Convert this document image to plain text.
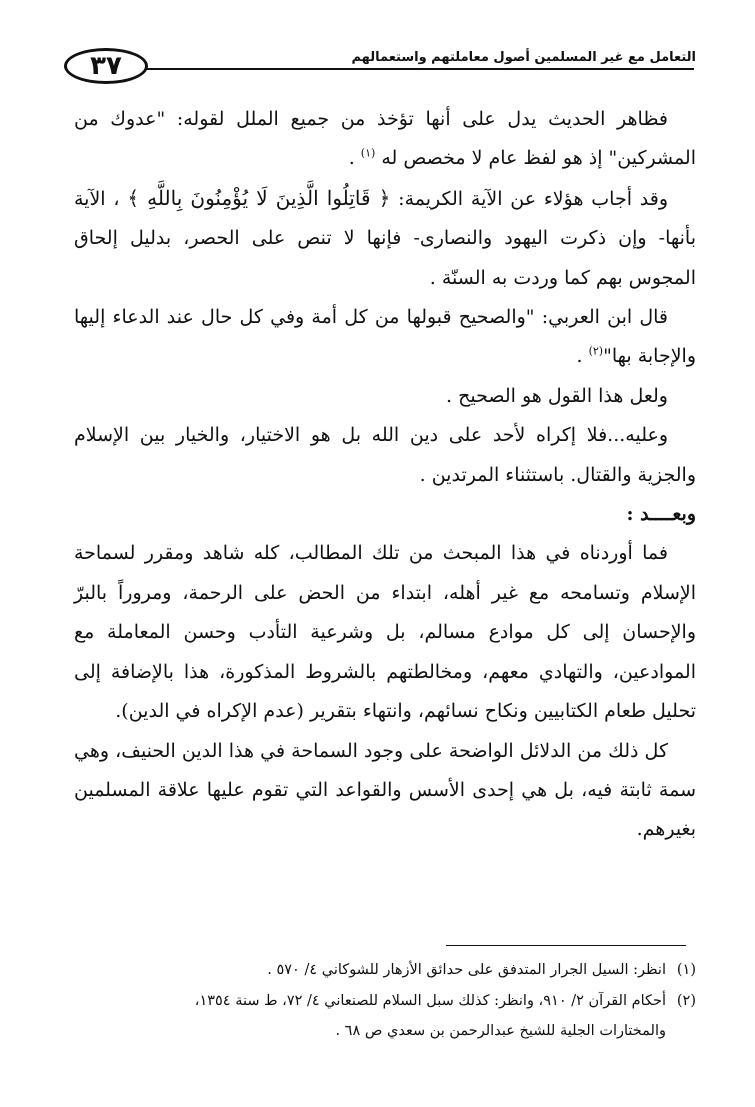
٣٧	التعامل مع غير المسلمين أصول معاملتهم واستعمالهم

فظاهر الحديث يدل على أنها تؤخذ من جميع الملل لقوله: "عدوك من المشركين" إذ هو لفظ عام لا مخصص له $^{(١)}$ .

وقد أجاب هؤلاء عن الآية الكريمة: ﴿ قَاتِلُوا الَّذِينَ لَا يُؤْمِنُونَ بِاللَّهِ ﴾ ، الآية بأنها- وإن ذكرت اليهود والنصارى- فإنها لا تنص على الحصر، بدليل إلحاق المجوس بهم كما وردت به السنّة .

قال ابن العربي: "والصحيح قبولها من كل أمة وفي كل حال عند الدعاء إليها والإجابة بها"$^{(٢)}$ .

ولعل هذا القول هو الصحيح .

وعليه...فلا إكراه لأحد على دين الله بل هو الاختيار، والخيار بين الإسلام والجزية والقتال. باستثناء المرتدين .

وبعــــد :

فما أوردناه في هذا المبحث من تلك المطالب، كله شاهد ومقرر لسماحة الإسلام وتسامحه مع غير أهله، ابتداء من الحض على الرحمة، ومروراً بالبرّ والإحسان إلى كل موادع مسالم، بل وشرعية التأدب وحسن المعاملة مع الموادعين، والتهادي معهم، ومخالطتهم بالشروط المذكورة، هذا بالإضافة إلى تحليل طعام الكتابيين ونكاح نسائهم، وانتهاء بتقرير (عدم الإكراه في الدين).

كل ذلك من الدلائل الواضحة على وجود السماحة في هذا الدين الحنيف، وهي سمة ثابتة فيه، بل هي إحدى الأسس والقواعد التي تقوم عليها علاقة المسلمين بغيرهم.

(١)انظر: السيل الجرار المتدفق على حدائق الأزهار للشوكاني ٤/ ٥٧٠ .

(٢)أحكام القرآن ٢/ ٩١٠، وانظر: كذلك سبل السلام للصنعاني ٤/ ٧٢، ط سنة ١٣٥٤،

والمختارات الجلية للشيخ عبدالرحمن بن سعدي ص ٦٨ .
